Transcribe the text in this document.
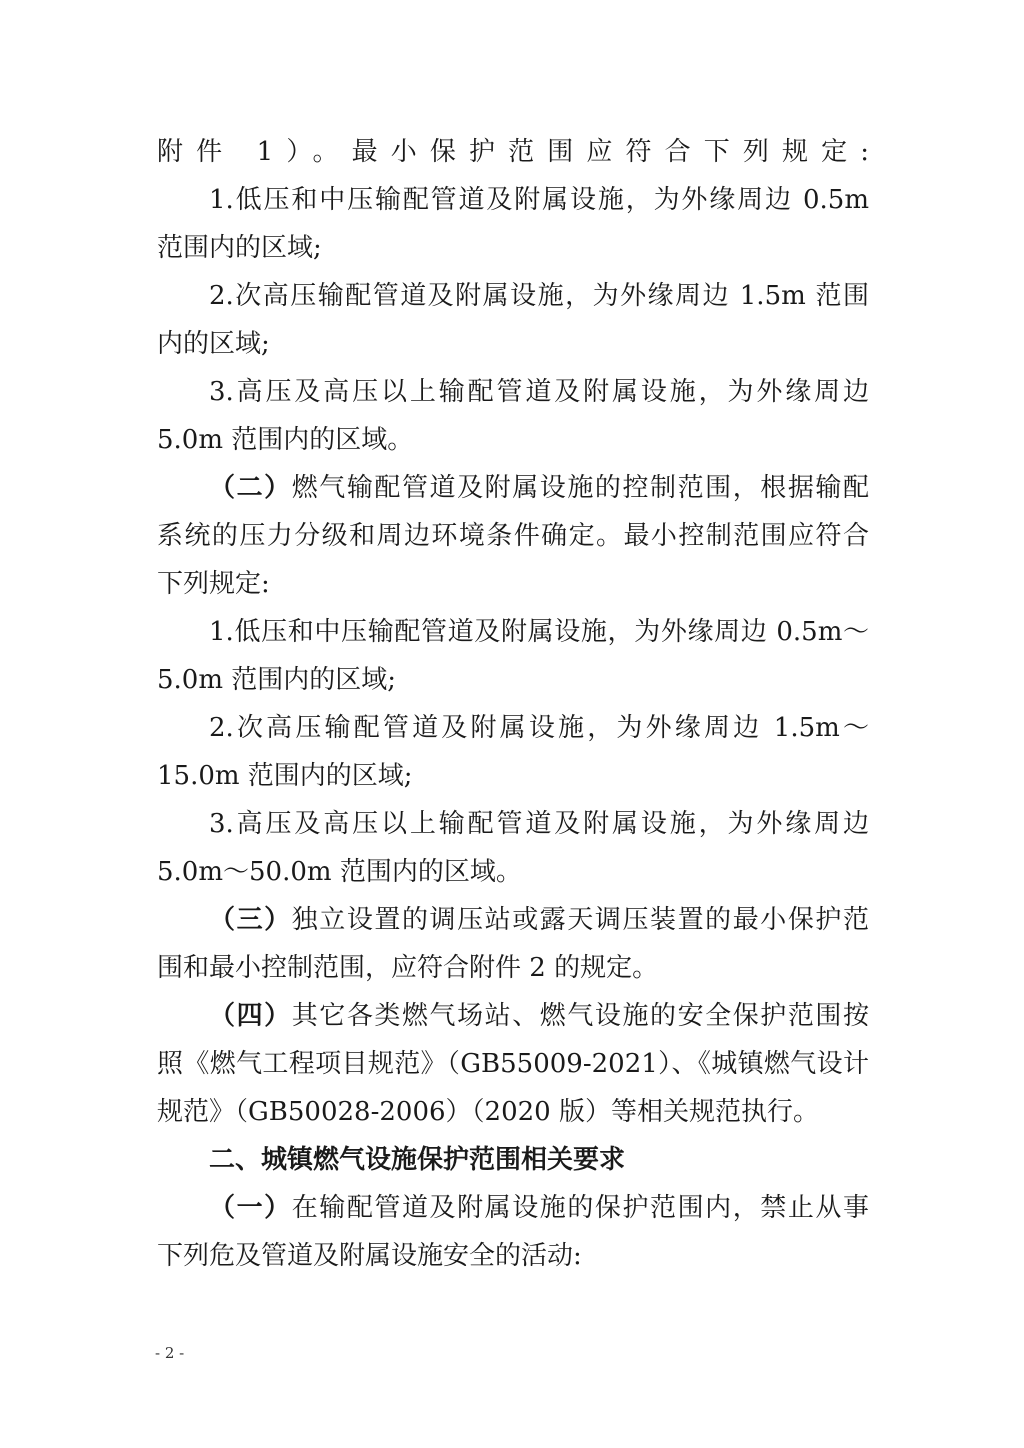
附件 1）。最小保护范围应符合下列规定:
1.低压和中压输配管道及附属设施，为外缘周边 0.5m
范围内的区域;
2.次高压输配管道及附属设施，为外缘周边 1.5m 范围
内的区域;
3.高压及高压以上输配管道及附属设施，为外缘周边
5.0m 范围内的区域。
（二）燃气输配管道及附属设施的控制范围，根据输配
系统的压力分级和周边环境条件确定。最小控制范围应符合
下列规定:
1.低压和中压输配管道及附属设施，为外缘周边 0.5m～
5.0m 范围内的区域;
2.次高压输配管道及附属设施，为外缘周边 1.5m～
15.0m 范围内的区域;
3.高压及高压以上输配管道及附属设施，为外缘周边
5.0m～50.0m 范围内的区域。
（三）独立设置的调压站或露天调压装置的最小保护范
围和最小控制范围，应符合附件 2 的规定。
（四）其它各类燃气场站、燃气设施的安全保护范围按
照《燃气工程项目规范》（GB55009-2021）、《城镇燃气设计
规范》（GB50028-2006）（2020 版）等相关规范执行。
二、城镇燃气设施保护范围相关要求
（一）在输配管道及附属设施的保护范围内，禁止从事
下列危及管道及附属设施安全的活动:
- 2 -
